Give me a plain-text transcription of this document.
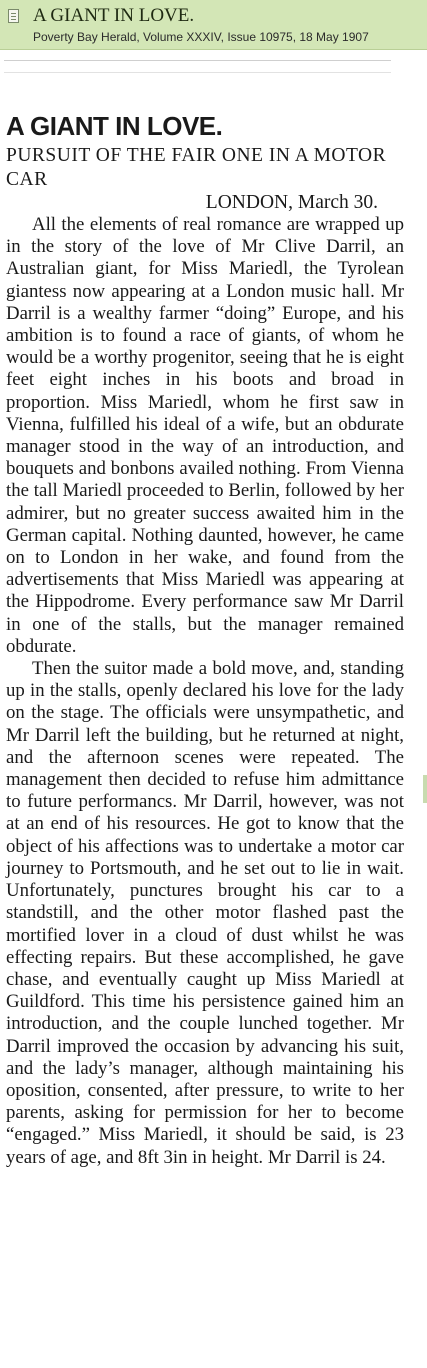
A GIANT IN LOVE.
Poverty Bay Herald, Volume XXXIV, Issue 10975, 18 May 1907
A GIANT IN LOVE.

PURSUIT OF THE FAIR ONE IN A MOTOR CAR

LONDON, March 30.

All the elements of real romance are wrapped up in the story of the love of Mr Clive Darril, an Australian giant, for Miss Mariedl, the Tyrolean giantess now appearing at a London music hall. Mr Darril is a wealthy farmer “doing” Europe, and his ambition is to found a race of giants, of whom he would be a worthy progenitor, seeing that he is eight feet eight inches in his boots and broad in proportion. Miss Mariedl, whom he first saw in Vienna, fulfilled his ideal of a wife, but an obdurate manager stood in the way of an introduction, and bouquets and bonbons availed nothing. From Vienna the tall Mariedl proceeded to Berlin, followed by her admirer, but no greater success awaited him in the German capital. Nothing daunted, however, he came on to London in her wake, and found from the advertisements that Miss Mariedl was appearing at the Hippodrome. Every performance saw Mr Darril in one of the stalls, but the manager remained obdurate.

Then the suitor made a bold move, and, standing up in the stalls, openly declared his love for the lady on the stage. The officials were unsympathetic, and Mr Darril left the building, but he returned at night, and the afternoon scenes were repeated. The management then decided to refuse him admittance to future performancs. Mr Darril, however, was not at an end of his resources. He got to know that the object of his affections was to undertake a motor car journey to Portsmouth, and he set out to lie in wait. Unfortunately, punctures brought his car to a standstill, and the other motor flashed past the mortified lover in a cloud of dust whilst he was effecting repairs. But these accomplished, he gave chase, and eventually caught up Miss Mariedl at Guildford. This time his persistence gained him an introduction, and the couple lunched together. Mr Darril improved the occasion by advancing his suit, and the lady’s manager, although maintaining his oposition, consented, after pressure, to write to her parents, asking for permission for her to become “engaged.” Miss Mariedl, it should be said, is 23 years of age, and 8ft 3in in height. Mr Darril is 24.
